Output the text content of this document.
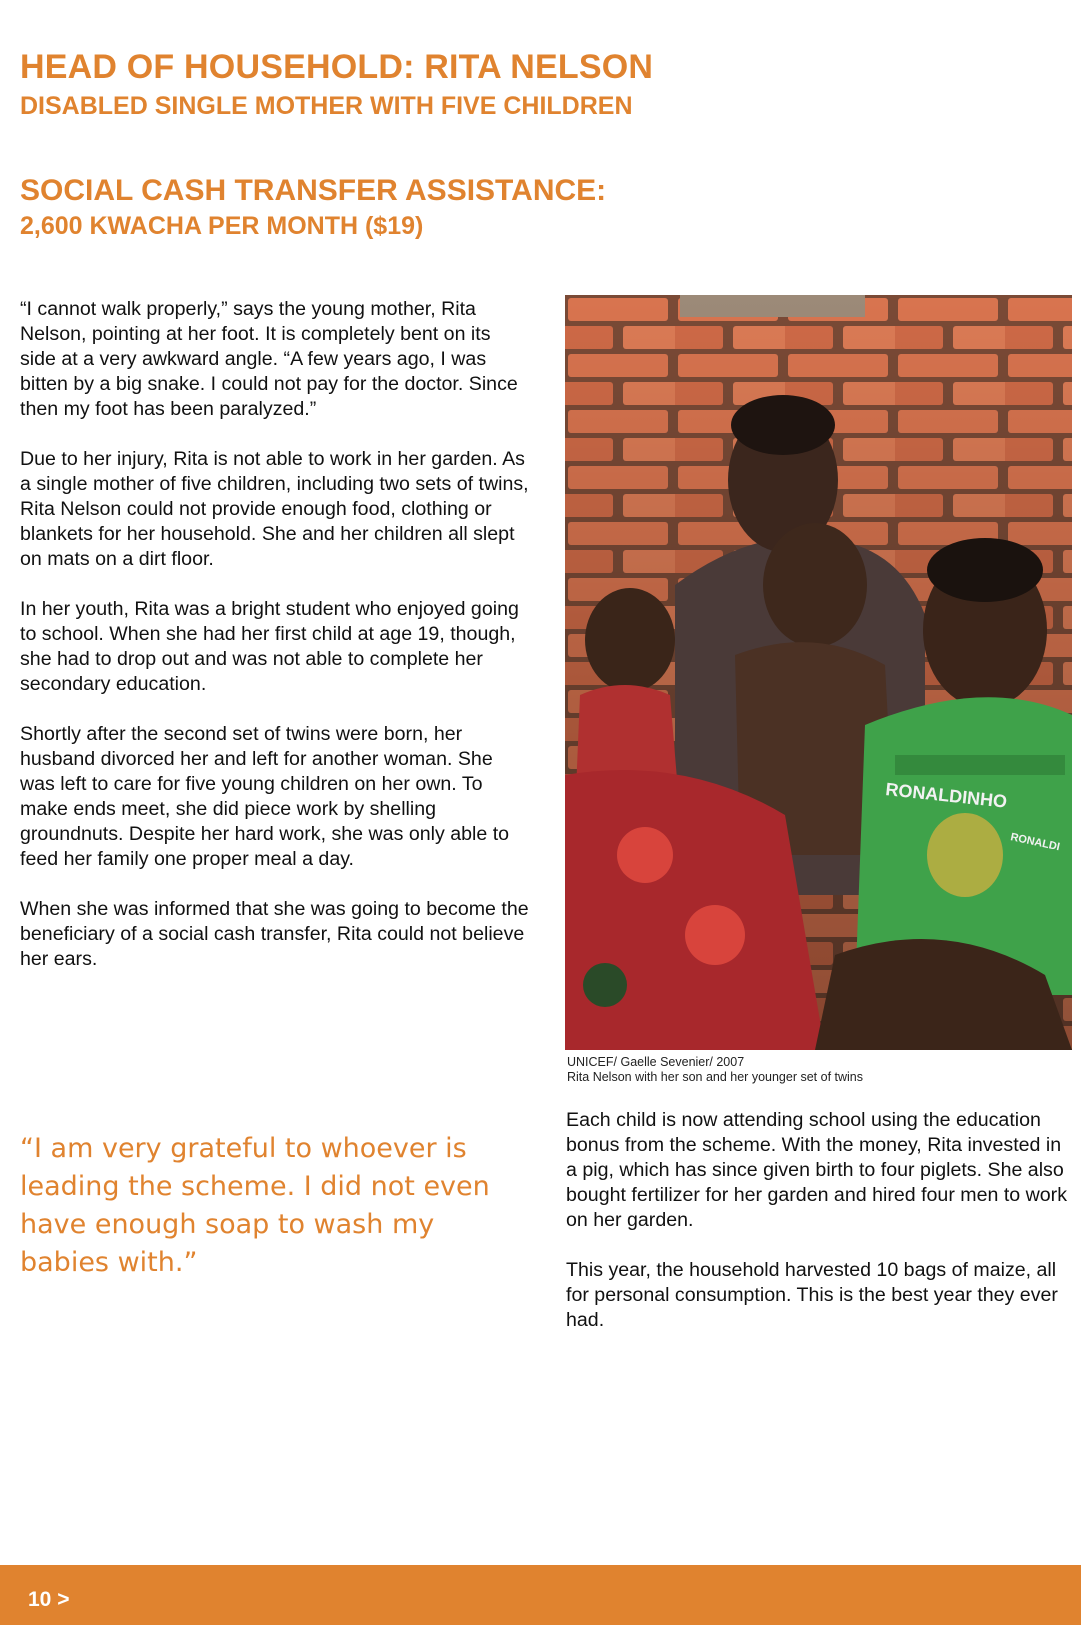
HEAD OF HOUSEHOLD: RITA NELSON
DISABLED SINGLE MOTHER WITH FIVE CHILDREN
SOCIAL CASH TRANSFER ASSISTANCE:
2,600 KWACHA PER MONTH ($19)

“I cannot walk properly,” says the young mother, Rita Nelson, pointing at her foot. It is completely bent on its side at a very awkward angle. “A few years ago, I was bitten by a big snake. I could not pay for the doctor. Since then my foot has been paralyzed.”

Due to her injury, Rita is not able to work in her garden. As a single mother of five children, including two sets of twins, Rita Nelson could not provide enough food, clothing or blankets for her household. She and her children all slept on mats on a dirt floor.

In her youth, Rita was a bright student who enjoyed going to school. When she had her first child at age 19, though, she had to drop out and was not able to complete her secondary education.

Shortly after the second set of twins were born, her husband divorced her and left for another woman. She was left to care for five young children on her own. To make ends meet, she did piece work by shelling groundnuts. Despite her hard work, she was only able to feed her family one proper meal a day.

When she was informed that she was going to become the beneficiary of a social cash transfer, Rita could not believe her ears.

“I am very grateful to whoever is leading the scheme. I did not even have enough soap to wash my babies with.”

RONALDINHO
RONALDI
UNICEF/ Gaelle Sevenier/ 2007
Rita Nelson with her son and her younger set of twins

Each child is now attending school using the education bonus from the scheme. With the money, Rita invested in a pig, which has since given birth to four piglets. She also bought fertilizer for her garden and hired four men to work on her garden.

This year, the household harvested 10 bags of maize, all for personal consumption. This is the best year they ever had.

10 >
